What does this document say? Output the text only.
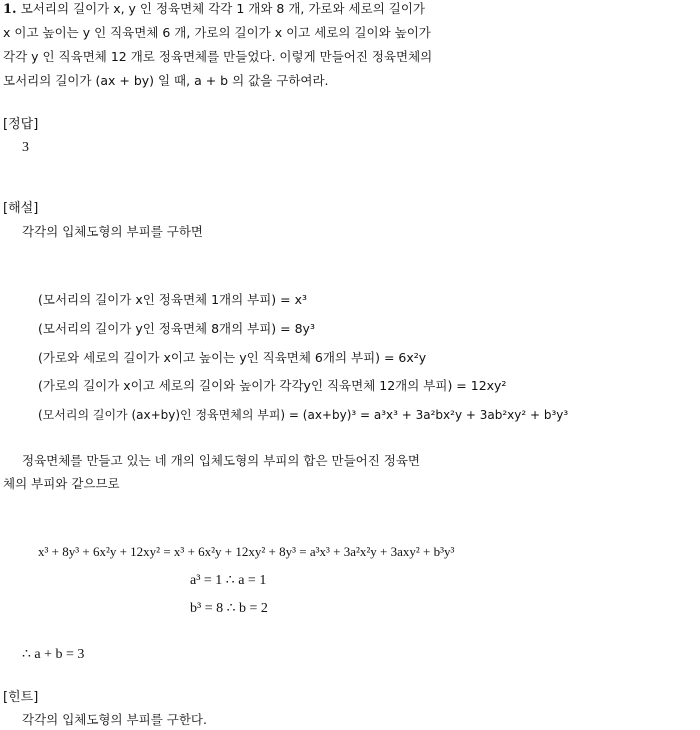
1. 모서리의 길이가 x, y 인 정육면체 각각 1 개와 8 개, 가로와 세로의 길이가
x 이고 높이는 y 인 직육면체 6 개, 가로의 길이가 x 이고 세로의 길이와 높이가
각각 y 인 직육면체 12 개로 정육면체를 만들었다. 이렇게 만들어진 정육면체의
모서리의 길이가 (ax + by) 일 때, a + b 의 값을 구하여라.
[정답]
3
[해설]
각각의 입체도형의 부피를 구하면
(모서리의 길이가 x인 정육면체 1개의 부피) = x³
(모서리의 길이가 y인 정육면체 8개의 부피) = 8y³
(가로와 세로의 길이가 x이고 높이는 y인 직육면체 6개의 부피) = 6x²y
(가로의 길이가 x이고 세로의 길이와 높이가 각각y인 직육면체 12개의 부피) = 12xy²
(모서리의 길이가 (ax+by)인 정육면체의 부피) = (ax+by)³ = a³x³ + 3a²bx²y + 3ab²xy² + b³y³
정육면체를 만들고 있는 네 개의 입체도형의 부피의 합은 만들어진 정육면
체의 부피와 같으므로
x³ + 8y³ + 6x²y + 12xy² = x³ + 6x²y + 12xy² + 8y³ = a³x³ + 3a²x²y + 3axy² + b³y³
a³ = 1 ∴ a = 1
b³ = 8 ∴ b = 2
∴ a + b = 3
[힌트]
각각의 입체도형의 부피를 구한다.
